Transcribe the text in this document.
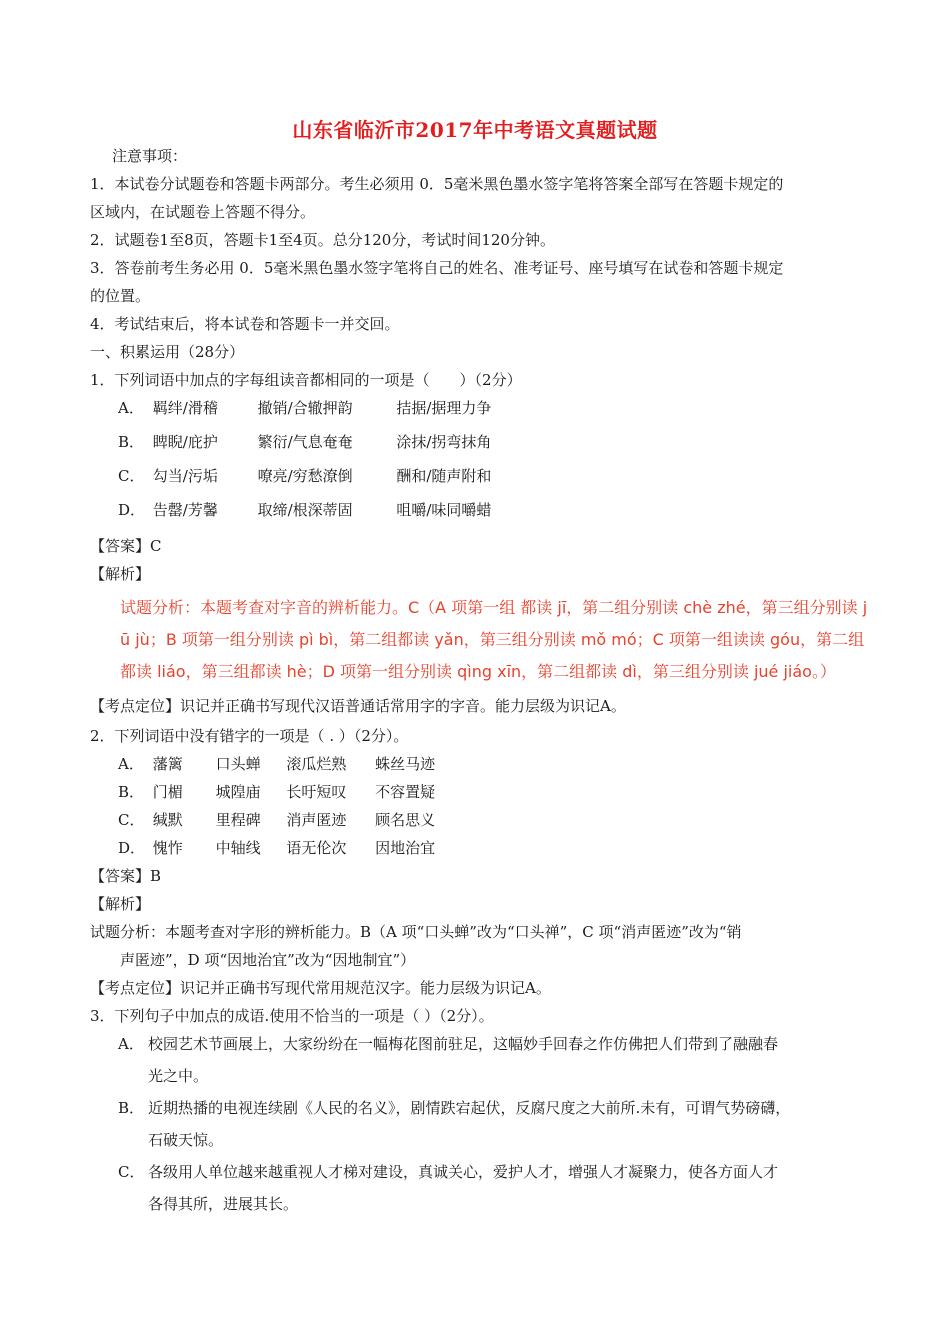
山东省临沂市2017年中考语文真题试题
注意事项：
1．本试卷分试题卷和答题卡两部分。考生必须用 0．5毫米黑色墨水签字笔将答案全部写在答题卡规定的
区域内，在试题卷上答题不得分。
2．试题卷1至8页，答题卡1至4页。总分120分，考试时间120分钟。
3．答卷前考生务必用 0．5毫米黑色墨水签字笔将自己的姓名、准考证号、座号填写在试卷和答题卡规定
的位置。
4．考试结束后，将本试卷和答题卡一并交回。
一、积累运用（28分）
1．下列词语中加点的字每组读音都相同的一项是（　　）（2分）
A． 羁绊/滑稽	撤销/合辙押韵	拮据/据理力争
B． 睥睨/庇护	繁衍/气息奄奄	涂抹/拐弯抹角
C． 勾当/污垢	嘹亮/穷愁潦倒	酬和/随声附和
D． 告罄/芳馨	取缔/根深蒂固	咀嚼/味同嚼蜡
【答案】C
【解析】
试题分析：本题考查对字音的辨析能力。C（A 项第一组 都读 jī，第二组分别读 chè zhé，第三组分别读 j
ū jù；B 项第一组分别读 pì bì，第二组都读 yǎn，第三组分别读 mǒ mó；C 项第一组读读 góu，第二组
都读 liáo，第三组都读 hè；D 项第一组分别读 qìng xīn，第二组都读 dì，第三组分别读 jué jiáo。）
【考点定位】识记并正确书写现代汉语普通话常用字的字音。能力层级为识记A。
2．下列词语中没有错字的一项是（ . ）（2分）。
A． 藩篱 口头蝉 滚瓜烂熟 蛛丝马迹
B． 门楣 城隍庙 长吁短叹 不容置疑
C． 缄默 里程碑 消声匿迹 顾名思义
D． 愧怍 中轴线 语无伦次 因地治宜
【答案】B
【解析】
试题分析：本题考查对字形的辨析能力。B（A 项“口头蝉”改为“口头禅”，C 项“消声匿迹”改为“销
声匿迹”，D 项“因地治宜”改为“因地制宜”）
【考点定位】识记并正确书写现代常用规范汉字。能力层级为识记A。
3．下列句子中加点的成语.使用不恰当的一项是（ ）（2分）。
A． 校园艺术节画展上，大家纷纷在一幅梅花图前驻足，这幅妙手回春之作仿佛把人们带到了融融春
光之中。
B． 近期热播的电视连续剧《人民的名义》，剧情跌宕起伏，反腐尺度之大前所.未有，可谓气势磅礴，
石破天惊。
C． 各级用人单位越来越重视人才梯对建设，真诚关心，爱护人才，增强人才凝聚力，使各方面人才
各得其所，进展其长。
